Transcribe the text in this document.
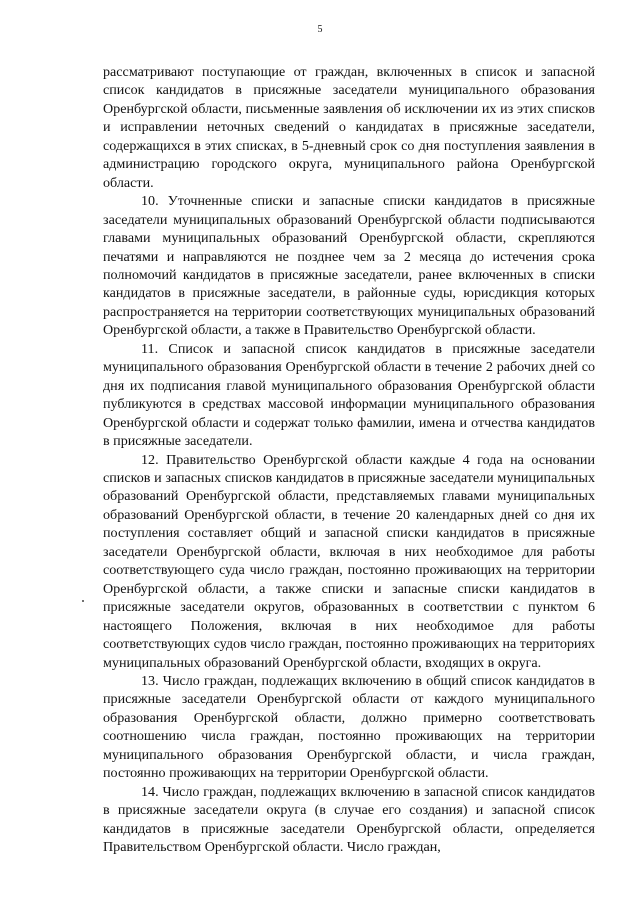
5

рассматривают поступающие от граждан, включенных в список и запасной список кандидатов в присяжные заседатели муниципального образования Оренбургской области, письменные заявления об исключении их из этих списков и исправлении неточных сведений о кандидатах в присяжные заседатели, содержащихся в этих списках, в 5-дневный срок со дня поступления заявления в администрацию городского округа, муниципального района Оренбургской области.

10. Уточненные списки и запасные списки кандидатов в присяжные заседатели муниципальных образований Оренбургской области подписываются главами муниципальных образований Оренбургской области, скрепляются печатями и направляются не позднее чем за 2 месяца до истечения срока полномочий кандидатов в присяжные заседатели, ранее включенных в списки кандидатов в присяжные заседатели, в районные суды, юрисдикция которых распространяется на территории соответствующих муниципальных образований Оренбургской области, а также в Правительство Оренбургской области.

11. Список и запасной список кандидатов в присяжные заседатели муниципального образования Оренбургской области в течение 2 рабочих дней со дня их подписания главой муниципального образования Оренбургской области публикуются в средствах массовой информации муниципального образования Оренбургской области и содержат только фамилии, имена и отчества кандидатов в присяжные заседатели.

12. Правительство Оренбургской области каждые 4 года на основании списков и запасных списков кандидатов в присяжные заседатели муниципальных образований Оренбургской области, представляемых главами муниципальных образований Оренбургской области, в течение 20 календарных дней со дня их поступления составляет общий и запасной списки кандидатов в присяжные заседатели Оренбургской области, включая в них необходимое для работы соответствующего суда число граждан, постоянно проживающих на территории Оренбургской области, а также списки и запасные списки кандидатов в присяжные заседатели округов, образованных в соответствии с пунктом 6 настоящего Положения, включая в них необходимое для работы соответствующих судов число граждан, постоянно проживающих на территориях муниципальных образований Оренбургской области, входящих в округа.

13. Число граждан, подлежащих включению в общий список кандидатов в присяжные заседатели Оренбургской области от каждого муниципального образования Оренбургской области, должно примерно соответствовать соотношению числа граждан, постоянно проживающих на территории муниципального образования Оренбургской области, и числа граждан, постоянно проживающих на территории Оренбургской области.

14. Число граждан, подлежащих включению в запасной список кандидатов в присяжные заседатели округа (в случае его создания) и запасной список кандидатов в присяжные заседатели Оренбургской области, определяется Правительством Оренбургской области. Число граждан,
